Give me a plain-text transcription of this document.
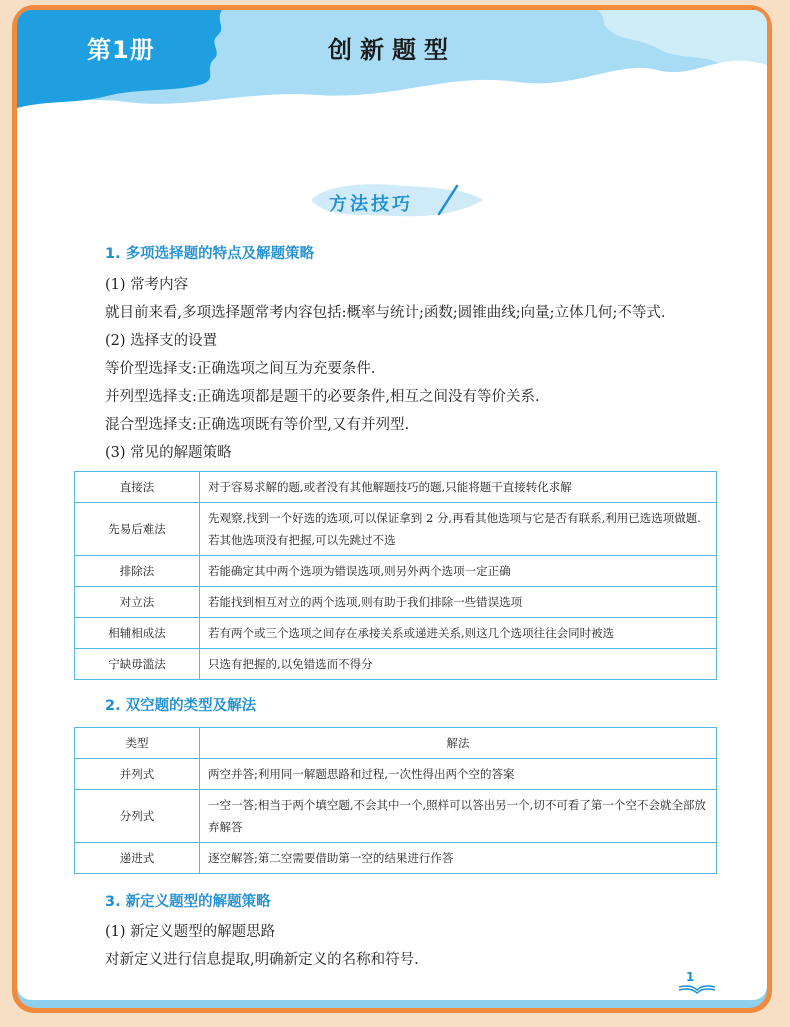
第1册	创新题型
方法技巧
1. 多项选择题的特点及解题策略
(1) 常考内容
就目前来看,多项选择题常考内容包括:概率与统计;函数;圆锥曲线;向量;立体几何;不等式.
(2) 选择支的设置
等价型选择支:正确选项之间互为充要条件.
并列型选择支:正确选项都是题干的必要条件,相互之间没有等价关系.
混合型选择支:正确选项既有等价型,又有并列型.
(3) 常见的解题策略
直接法	对于容易求解的题,或者没有其他解题技巧的题,只能将题干直接转化求解
先易后难法	先观察,找到一个好选的选项,可以保证拿到 2 分,再看其他选项与它是否有联系,利用已选选项做题.
若其他选项没有把握,可以先跳过不选

排除法	若能确定其中两个选项为错误选项,则另外两个选项一定正确
对立法	若能找到相互对立的两个选项,则有助于我们排除一些错误选项
相辅相成法	若有两个或三个选项之间存在承接关系或递进关系,则这几个选项往往会同时被选
宁缺毋滥法	只选有把握的,以免错选而不得分
2. 双空题的类型及解法
类型	解法
并列式	两空并答;利用同一解题思路和过程,一次性得出两个空的答案
分列式	一空一答;相当于两个填空题,不会其中一个,照样可以答出另一个,切不可看了第一个空不会就全部放
弃解答

递进式	逐空解答;第二空需要借助第一空的结果进行作答
3. 新定义题型的解题策略
(1) 新定义题型的解题思路
对新定义进行信息提取,明确新定义的名称和符号.
1
